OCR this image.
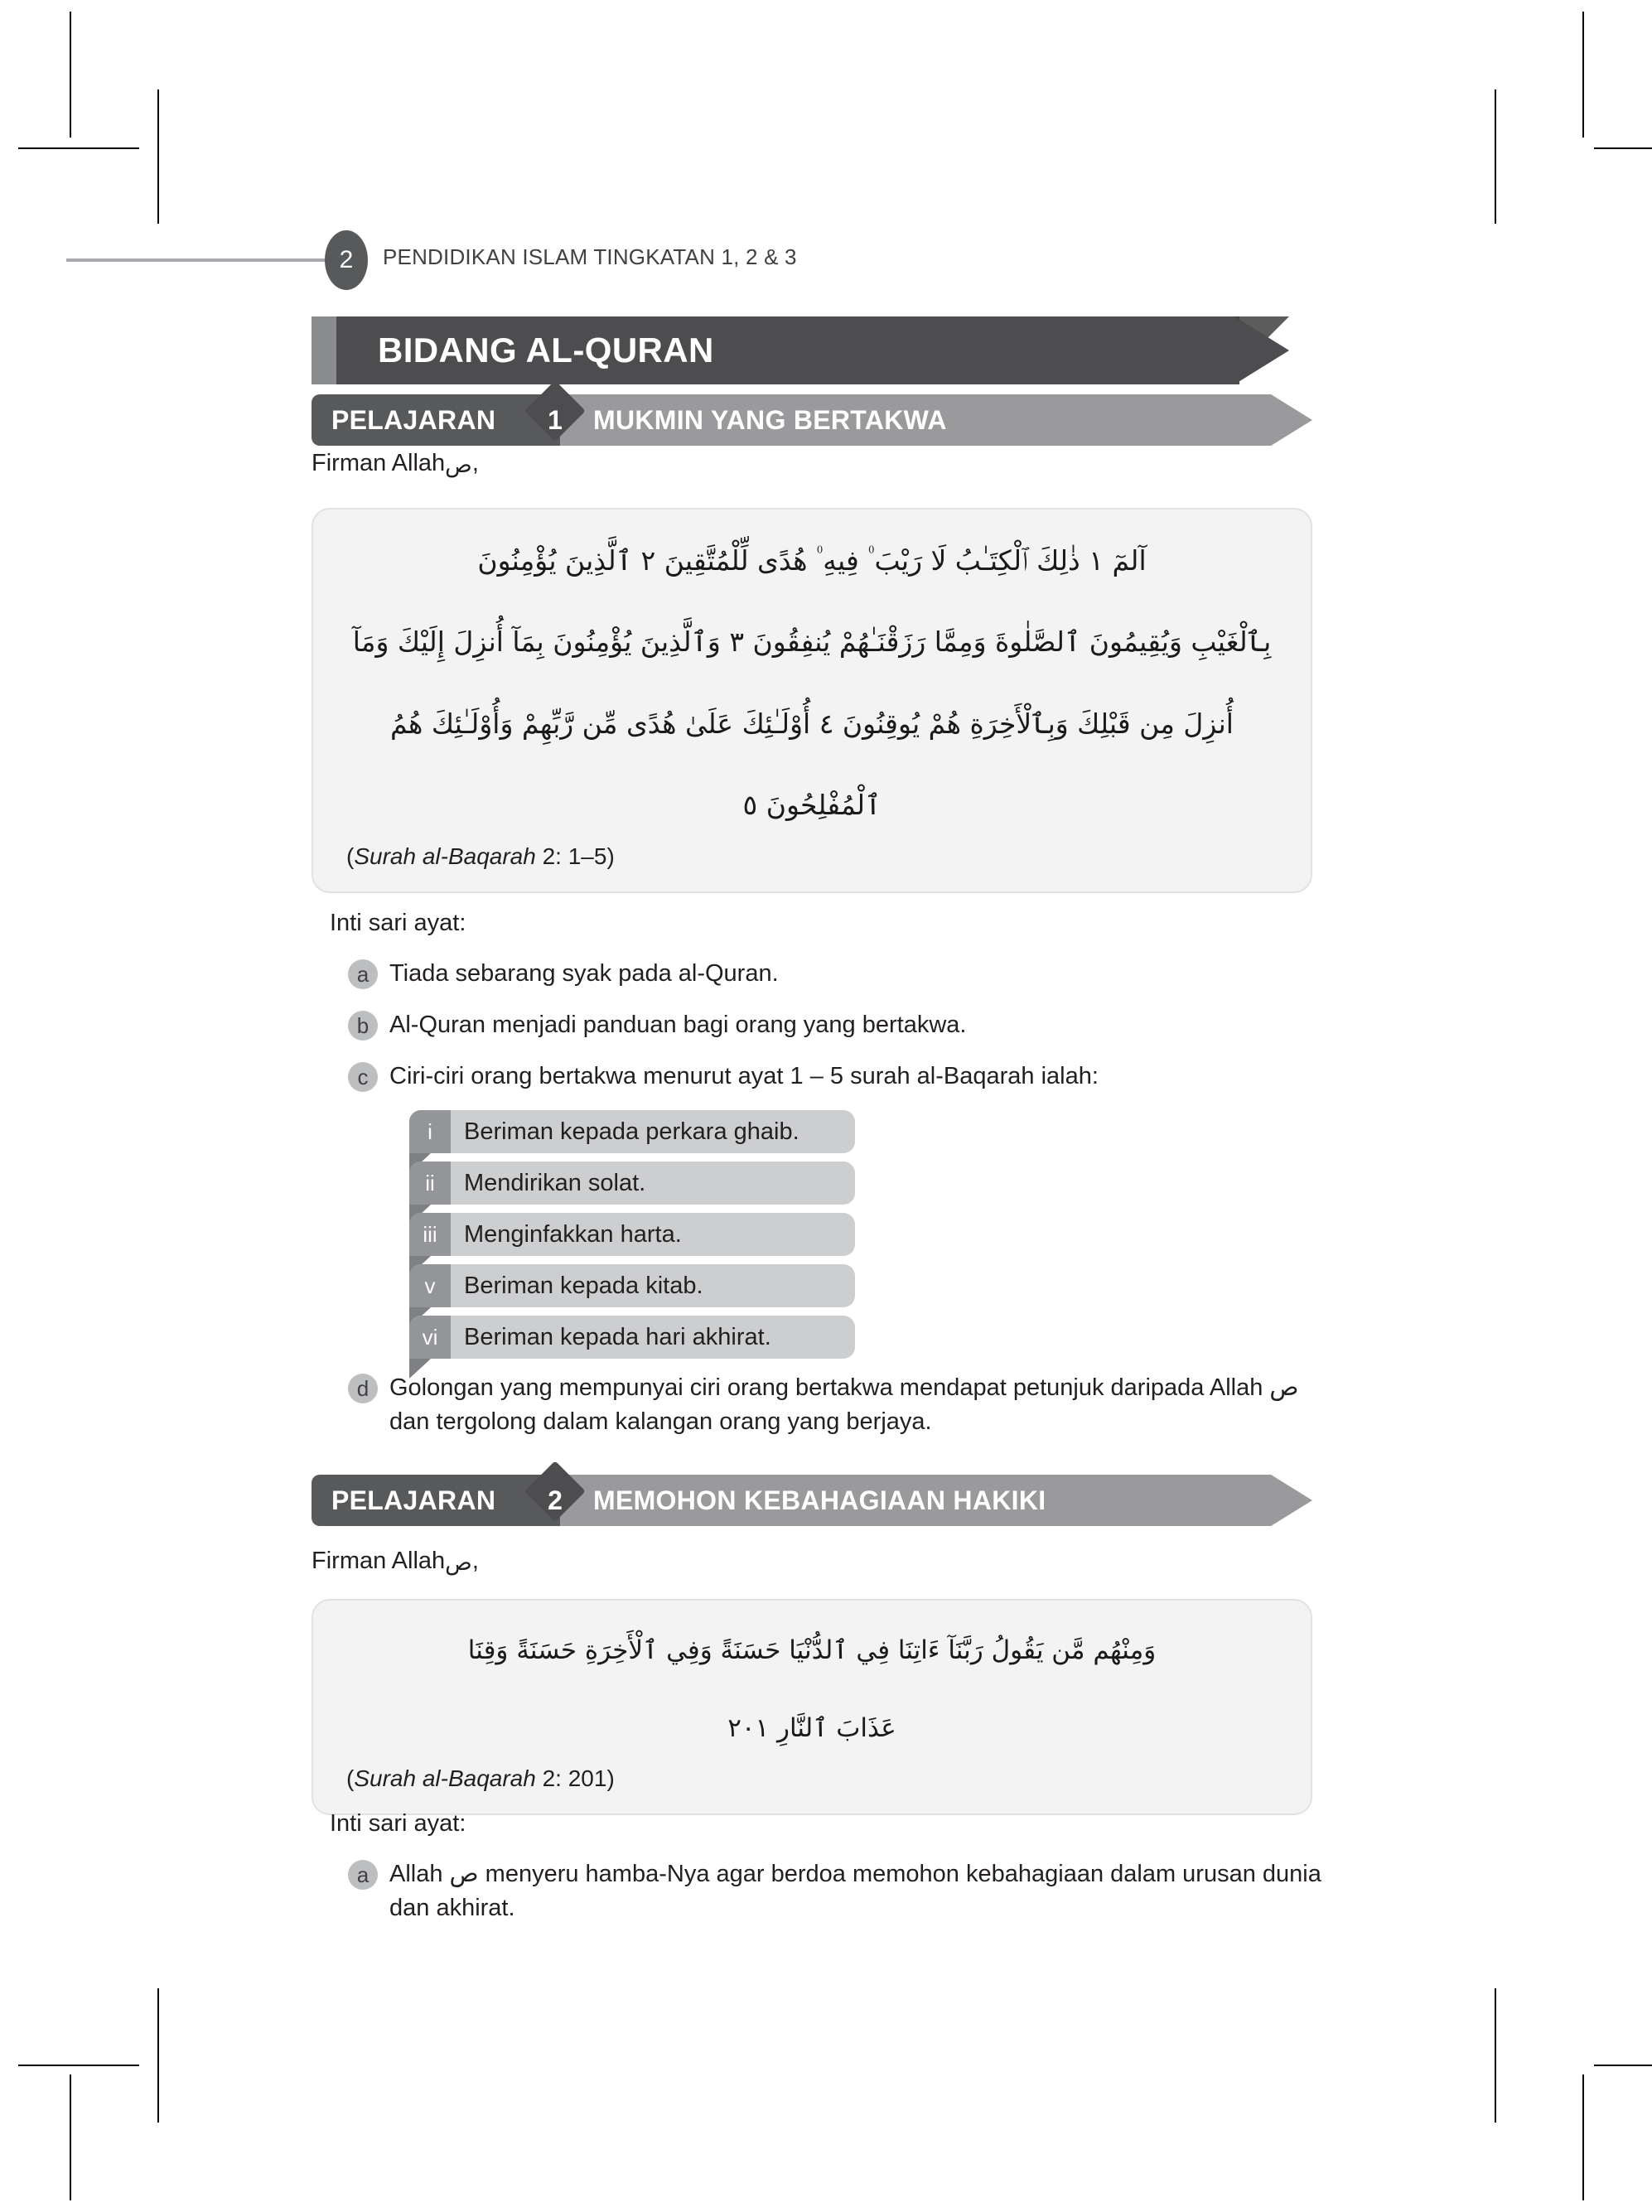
2	PENDIDIKAN ISLAM TINGKATAN 1, 2 & 3
BIDANG AL-QURAN
PELAJARAN	1	MUKMIN YANG BERTAKWA
Firman Allahص,
آلمٓ ١ ذٰلِكَ ٱلْكِتَـٰبُ لَا رَيْبَ ۠ فِيهِ ۠ هُدًى لِّلْمُتَّقِينَ ٢ ٱلَّذِينَ يُؤْمِنُونَ
بِٱلْغَيْبِ وَيُقِيمُونَ ٱلصَّلٰوةَ وَمِمَّا رَزَقْنَـٰهُمْ يُنفِقُونَ ٣ وَٱلَّذِينَ يُؤْمِنُونَ بِمَآ أُنزِلَ إِلَيْكَ وَمَآ
أُنزِلَ مِن قَبْلِكَ وَبِٱلْأَخِرَةِ هُمْ يُوقِنُونَ ٤ أُوْلَـٰئِكَ عَلَىٰ هُدًى مِّن رَّبِّهِمْ وَأُوْلَـٰئِكَ هُمُ
ٱلْمُفْلِحُونَ ٥
(Surah al-Baqarah 2: 1–5)
Inti sari ayat:
a Tiada sebarang syak pada al-Quran.
b Al-Quran menjadi panduan bagi orang yang bertakwa.
c Ciri-ciri orang bertakwa menurut ayat 1 – 5 surah al-Baqarah ialah:
i	Beriman kepada perkara ghaib.
ii	Mendirikan solat.
iii	Menginfakkan harta.
v	Beriman kepada kitab.
vi	Beriman kepada hari akhirat.
d Golongan yang mempunyai ciri orang bertakwa mendapat petunjuk daripada Allah ص dan tergolong dalam kalangan orang yang berjaya.
PELAJARAN	2	MEMOHON KEBAHAGIAAN HAKIKI
Firman Allahص,
وَمِنْهُم مَّن يَقُولُ رَبَّنَآ ءَاتِنَا فِي ٱلدُّنْيَا حَسَنَةً وَفِي ٱلْأَخِرَةِ حَسَنَةً وَقِنَا
عَذَابَ ٱلنَّارِ ٢٠١
(Surah al-Baqarah 2: 201)
Inti sari ayat:
a Allah ص menyeru hamba-Nya agar berdoa memohon kebahagiaan dalam urusan dunia dan akhirat.
